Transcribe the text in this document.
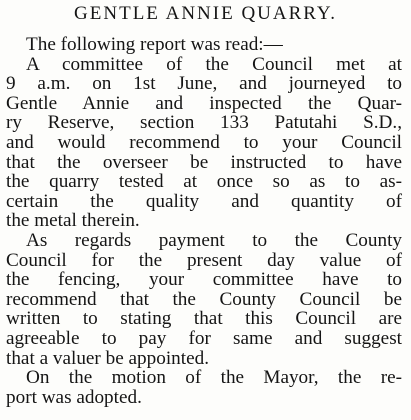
GENTLE ANNIE QUARRY.
The following report was read:—
A committee of the Council met at
9 a.m. on 1st June, and journeyed to
Gentle Annie and inspected the Quar-
ry Reserve, section 133 Patutahi S.D.,
and would recommend to your Council
that the overseer be instructed to have
the quarry tested at once so as to as-
certain the quality and quantity of
the metal therein.
As regards payment to the County
Council for the present day value of
the fencing, your committee have to
recommend that the County Council be
written to stating that this Council are
agreeable to pay for same and suggest
that a valuer be appointed.
On the motion of the Mayor, the re-
port was adopted.
